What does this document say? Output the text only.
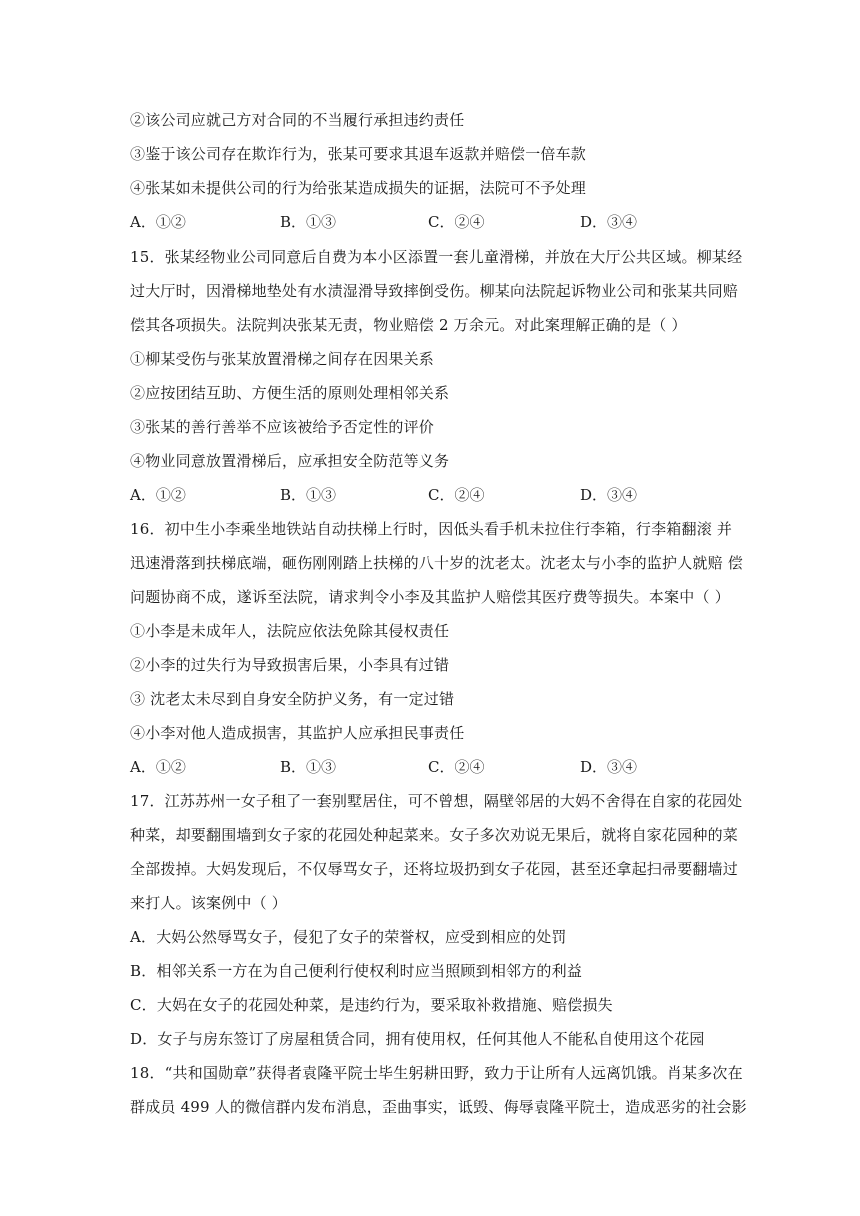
②该公司应就己方对合同的不当履行承担违约责任
③鉴于该公司存在欺诈行为，张某可要求其退车返款并赔偿一倍车款
④张某如未提供公司的行为给张某造成损失的证据，法院可不予处理
A．①②	B．①③	C．②④	D．③④
15．张某经物业公司同意后自费为本小区添置一套儿童滑梯，并放在大厅公共区域。柳某经
过大厅时，因滑梯地垫处有水渍湿滑导致摔倒受伤。柳某向法院起诉物业公司和张某共同赔
偿其各项损失。法院判决张某无责，物业赔偿 2 万余元。对此案理解正确的是（ ）
①柳某受伤与张某放置滑梯之间存在因果关系
②应按团结互助、方便生活的原则处理相邻关系
③张某的善行善举不应该被给予否定性的评价
④物业同意放置滑梯后，应承担安全防范等义务
A．①②	B．①③	C．②④	D．③④
16．初中生小李乘坐地铁站自动扶梯上行时，因低头看手机未拉住行李箱，行李箱翻滚 并
迅速滑落到扶梯底端，砸伤刚刚踏上扶梯的八十岁的沈老太。沈老太与小李的监护人就赔 偿
问题协商不成，遂诉至法院，请求判令小李及其监护人赔偿其医疗费等损失。本案中（ ）
①小李是未成年人，法院应依法免除其侵权责任
②小李的过失行为导致损害后果，小李具有过错
③ 沈老太未尽到自身安全防护义务，有一定过错
④小李对他人造成损害，其监护人应承担民事责任
A．①②	B．①③	C．②④	D．③④
17．江苏苏州一女子租了一套别墅居住，可不曾想，隔壁邻居的大妈不舍得在自家的花园处
种菜，却要翻围墙到女子家的花园处种起菜来。女子多次劝说无果后，就将自家花园种的菜
全部拨掉。大妈发现后，不仅辱骂女子，还将垃圾扔到女子花园，甚至还拿起扫帚要翻墙过
来打人。该案例中（ ）
A．大妈公然辱骂女子，侵犯了女子的荣誉权，应受到相应的处罚
B．相邻关系一方在为自己便利行使权利时应当照顾到相邻方的利益
C．大妈在女子的花园处种菜，是违约行为，要采取补救措施、赔偿损失
D．女子与房东签订了房屋租赁合同，拥有使用权，任何其他人不能私自使用这个花园
18．“共和国勋章”获得者袁隆平院士毕生躬耕田野，致力于让所有人远离饥饿。肖某多次在
群成员 499 人的微信群内发布消息，歪曲事实，诋毁、侮辱袁隆平院士，造成恶劣的社会影
